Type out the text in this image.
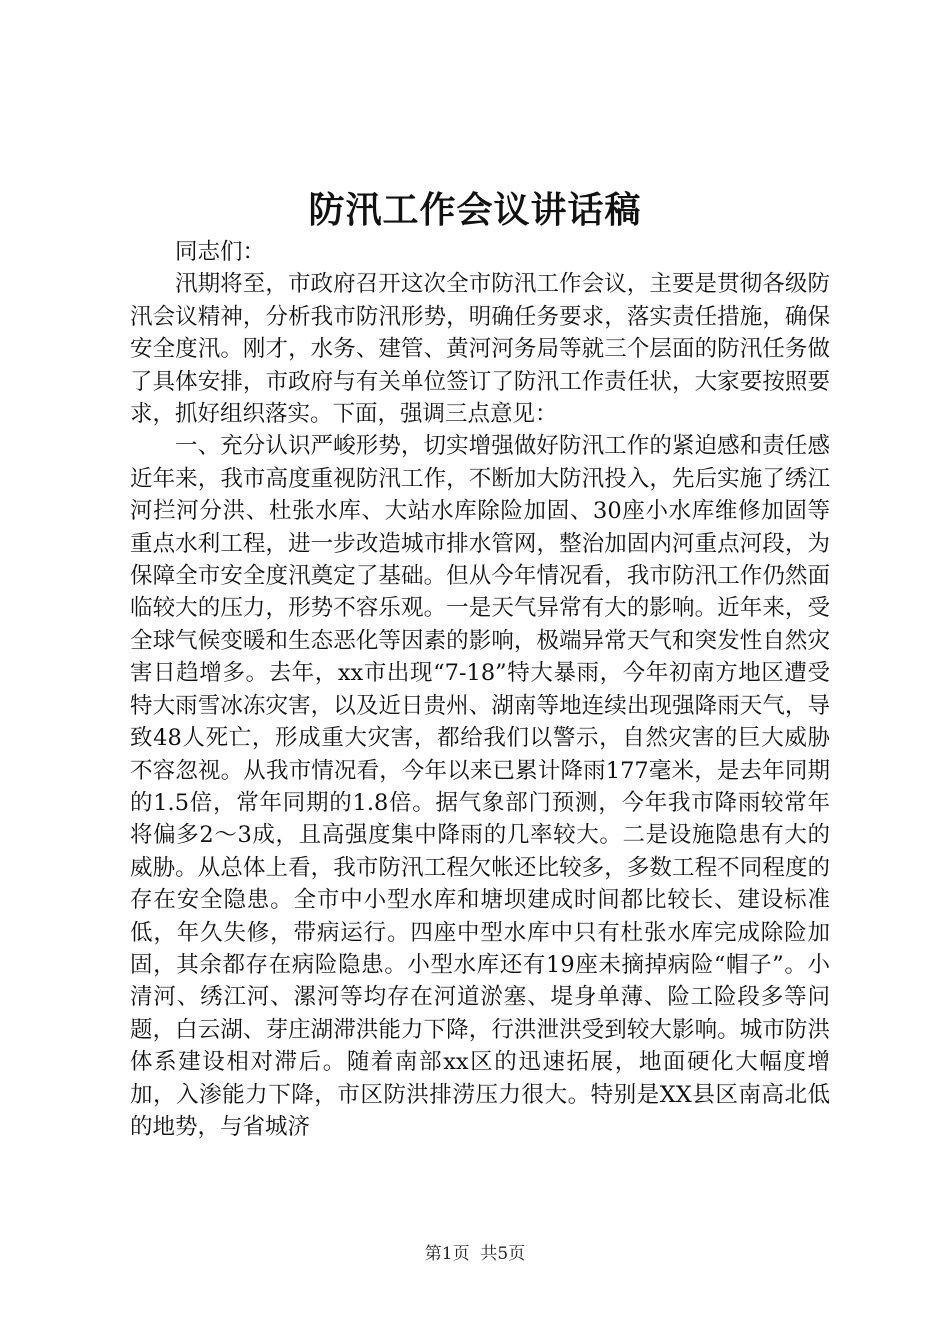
防汛工作会议讲话稿

同志们：

汛期将至，市政府召开这次全市防汛工作会议，主要是贯彻各级防汛会议精神，分析我市防汛形势，明确任务要求，落实责任措施，确保安全度汛。刚才，水务、建管、黄河河务局等就三个层面的防汛任务做了具体安排，市政府与有关单位签订了防汛工作责任状，大家要按照要求，抓好组织落实。下面，强调三点意见：

一、充分认识严峻形势，切实增强做好防汛工作的紧迫感和责任感近年来，我市高度重视防汛工作，不断加大防汛投入，先后实施了绣江河拦河分洪、杜张水库、大站水库除险加固、30座小水库维修加固等重点水利工程，进一步改造城市排水管网，整治加固内河重点河段，为保障全市安全度汛奠定了基础。但从今年情况看，我市防汛工作仍然面临较大的压力，形势不容乐观。一是天气异常有大的影响。近年来，受全球气候变暖和生态恶化等因素的影响，极端异常天气和突发性自然灾害日趋增多。去年，xx市出现“7-18”特大暴雨，今年初南方地区遭受特大雨雪冰冻灾害，以及近日贵州、湖南等地连续出现强降雨天气，导致48人死亡，形成重大灾害，都给我们以警示，自然灾害的巨大威胁不容忽视。从我市情况看，今年以来已累计降雨177毫米，是去年同期的1.5倍，常年同期的1.8倍。据气象部门预测，今年我市降雨较常年将偏多2～3成，且高强度集中降雨的几率较大。二是设施隐患有大的威胁。从总体上看，我市防汛工程欠帐还比较多，多数工程不同程度的存在安全隐患。全市中小型水库和塘坝建成时间都比较长、建设标准低，年久失修，带病运行。四座中型水库中只有杜张水库完成除险加固，其余都存在病险隐患。小型水库还有19座未摘掉病险“帽子”。小清河、绣江河、漯河等均存在河道淤塞、堤身单薄、险工险段多等问题，白云湖、芽庄湖滞洪能力下降，行洪泄洪受到较大影响。城市防洪体系建设相对滞后。随着南部xx区的迅速拓展，地面硬化大幅度增加，入渗能力下降，市区防洪排涝压力很大。特别是XX县区南高北低的地势，与省城济

第1页 共5页
